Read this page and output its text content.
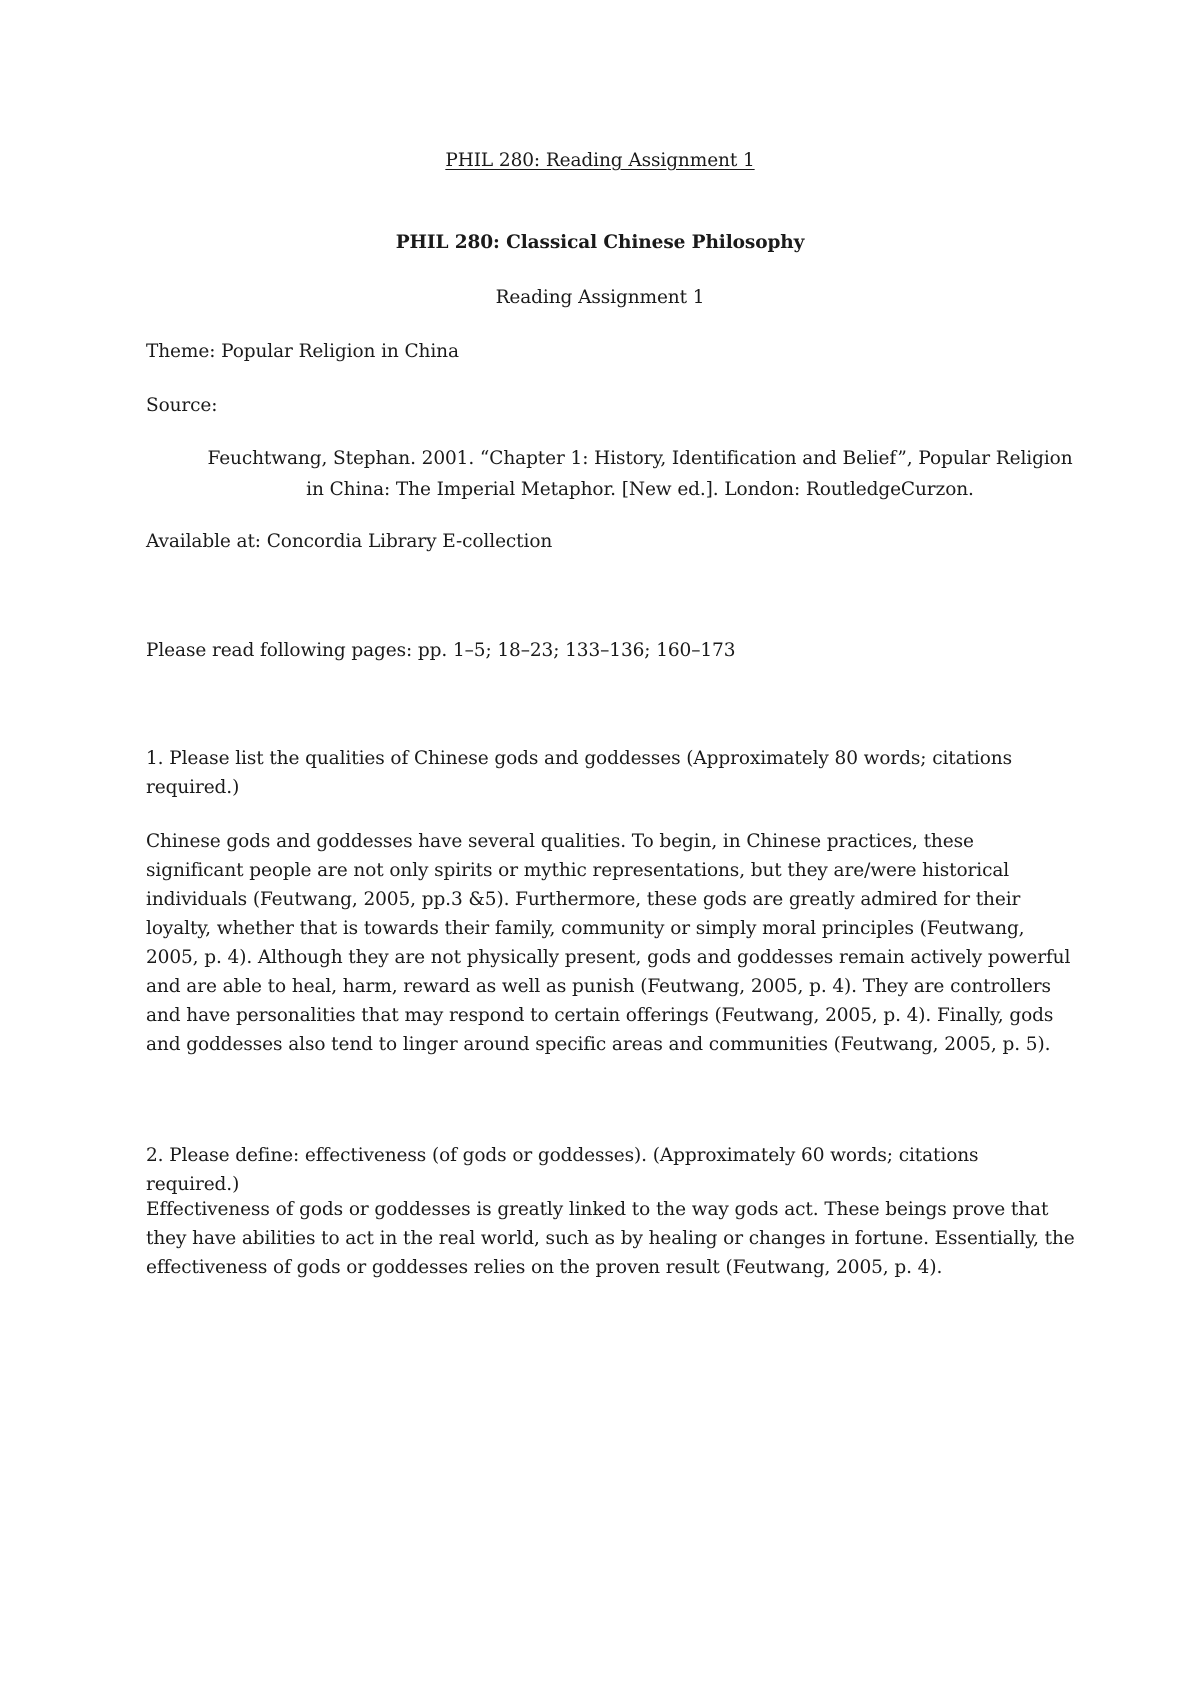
PHIL 280: Reading Assignment 1
PHIL 280: Classical Chinese Philosophy
Reading Assignment 1
Theme: Popular Religion in China
Source:
Feuchtwang, Stephan. 2001. “Chapter 1: History, Identification and Belief”, Popular Religion
in China: The Imperial Metaphor. [New ed.]. London: RoutledgeCurzon.
Available at: Concordia Library E-collection
Please read following pages: pp. 1–5; 18–23; 133–136; 160–173
1. Please list the qualities of Chinese gods and goddesses (Approximately 80 words; citations required.)
Chinese gods and goddesses have several qualities. To begin, in Chinese practices, these significant people are not only spirits or mythic representations, but they are/were historical individuals (Feutwang, 2005, pp.3 &5). Furthermore, these gods are greatly admired for their loyalty, whether that is towards their family, community or simply moral principles (Feutwang, 2005, p. 4). Although they are not physically present, gods and goddesses remain actively powerful and are able to heal, harm, reward as well as punish (Feutwang, 2005, p. 4). They are controllers and have personalities that may respond to certain offerings (Feutwang, 2005, p. 4). Finally, gods and goddesses also tend to linger around specific areas and communities (Feutwang, 2005, p. 5).
2. Please define: effectiveness (of gods or goddesses). (Approximately 60 words; citations required.)
Effectiveness of gods or goddesses is greatly linked to the way gods act. These beings prove that they have abilities to act in the real world, such as by healing or changes in fortune. Essentially, the effectiveness of gods or goddesses relies on the proven result (Feutwang, 2005, p. 4).
